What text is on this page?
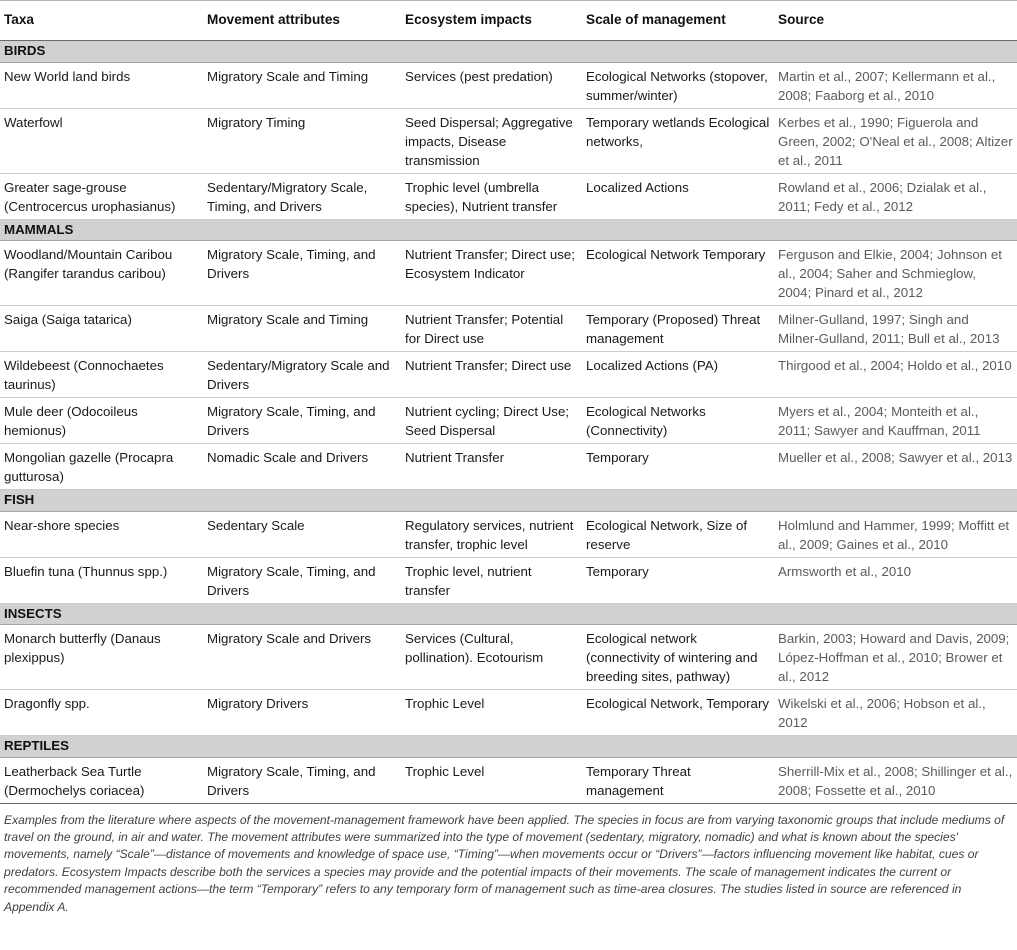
Taxa	Movement attributes	Ecosystem impacts	Scale of management	Source
BIRDS				
New World land birds	Migratory Scale and Timing	Services (pest predation)	Ecological Networks (stopover, summer/winter)	Martin et al., 2007; Kellermann et al., 2008; Faaborg et al., 2010
Waterfowl	Migratory Timing	Seed Dispersal; Aggregative impacts, Disease transmission	Temporary wetlands Ecological networks,	Kerbes et al., 1990; Figuerola and Green, 2002; O'Neal et al., 2008; Altizer et al., 2011
Greater sage-grouse (Centrocercus urophasianus)	Sedentary/Migratory Scale, Timing, and Drivers	Trophic level (umbrella species), Nutrient transfer	Localized Actions	Rowland et al., 2006; Dzialak et al., 2011; Fedy et al., 2012
MAMMALS				
Woodland/Mountain Caribou (Rangifer tarandus caribou)	Migratory Scale, Timing, and Drivers	Nutrient Transfer; Direct use; Ecosystem Indicator	Ecological Network Temporary	Ferguson and Elkie, 2004; Johnson et al., 2004; Saher and Schmieglow, 2004; Pinard et al., 2012
Saiga (Saiga tatarica)	Migratory Scale and Timing	Nutrient Transfer; Potential for Direct use	Temporary (Proposed) Threat management	Milner-Gulland, 1997; Singh and Milner-Gulland, 2011; Bull et al., 2013
Wildebeest (Connochaetes taurinus)	Sedentary/Migratory Scale and Drivers	Nutrient Transfer; Direct use	Localized Actions (PA)	Thirgood et al., 2004; Holdo et al., 2010
Mule deer (Odocoileus hemionus)	Migratory Scale, Timing, and Drivers	Nutrient cycling; Direct Use; Seed Dispersal	Ecological Networks (Connectivity)	Myers et al., 2004; Monteith et al., 2011; Sawyer and Kauffman, 2011
Mongolian gazelle (Procapra gutturosa)	Nomadic Scale and Drivers	Nutrient Transfer	Temporary	Mueller et al., 2008; Sawyer et al., 2013
FISH				
Near-shore species	Sedentary Scale	Regulatory services, nutrient transfer, trophic level	Ecological Network, Size of reserve	Holmlund and Hammer, 1999; Moffitt et al., 2009; Gaines et al., 2010
Bluefin tuna (Thunnus spp.)	Migratory Scale, Timing, and Drivers	Trophic level, nutrient transfer	Temporary	Armsworth et al., 2010
INSECTS				
Monarch butterfly (Danaus plexippus)	Migratory Scale and Drivers	Services (Cultural, pollination). Ecotourism	Ecological network (connectivity of wintering and breeding sites, pathway)	Barkin, 2003; Howard and Davis, 2009; López-Hoffman et al., 2010; Brower et al., 2012
Dragonfly spp.	Migratory Drivers	Trophic Level	Ecological Network, Temporary	Wikelski et al., 2006; Hobson et al., 2012
REPTILES				
Leatherback Sea Turtle (Dermochelys coriacea)	Migratory Scale, Timing, and Drivers	Trophic Level	Temporary Threat management	Sherrill-Mix et al., 2008; Shillinger et al., 2008; Fossette et al., 2010
Examples from the literature where aspects of the movement-management framework have been applied. The species in focus are from varying taxonomic groups that include mediums of travel on the ground, in air and water. The movement attributes were summarized into the type of movement (sedentary, migratory, nomadic) and what is known about the species' movements, namely “Scale”—distance of movements and knowledge of space use, “Timing”—when movements occur or “Drivers”—factors influencing movement like habitat, cues or predators. Ecosystem Impacts describe both the services a species may provide and the potential impacts of their movements. The scale of management indicates the current or recommended management actions—the term “Temporary” refers to any temporary form of management such as time-area closures. The studies listed in source are referenced in Appendix A.
